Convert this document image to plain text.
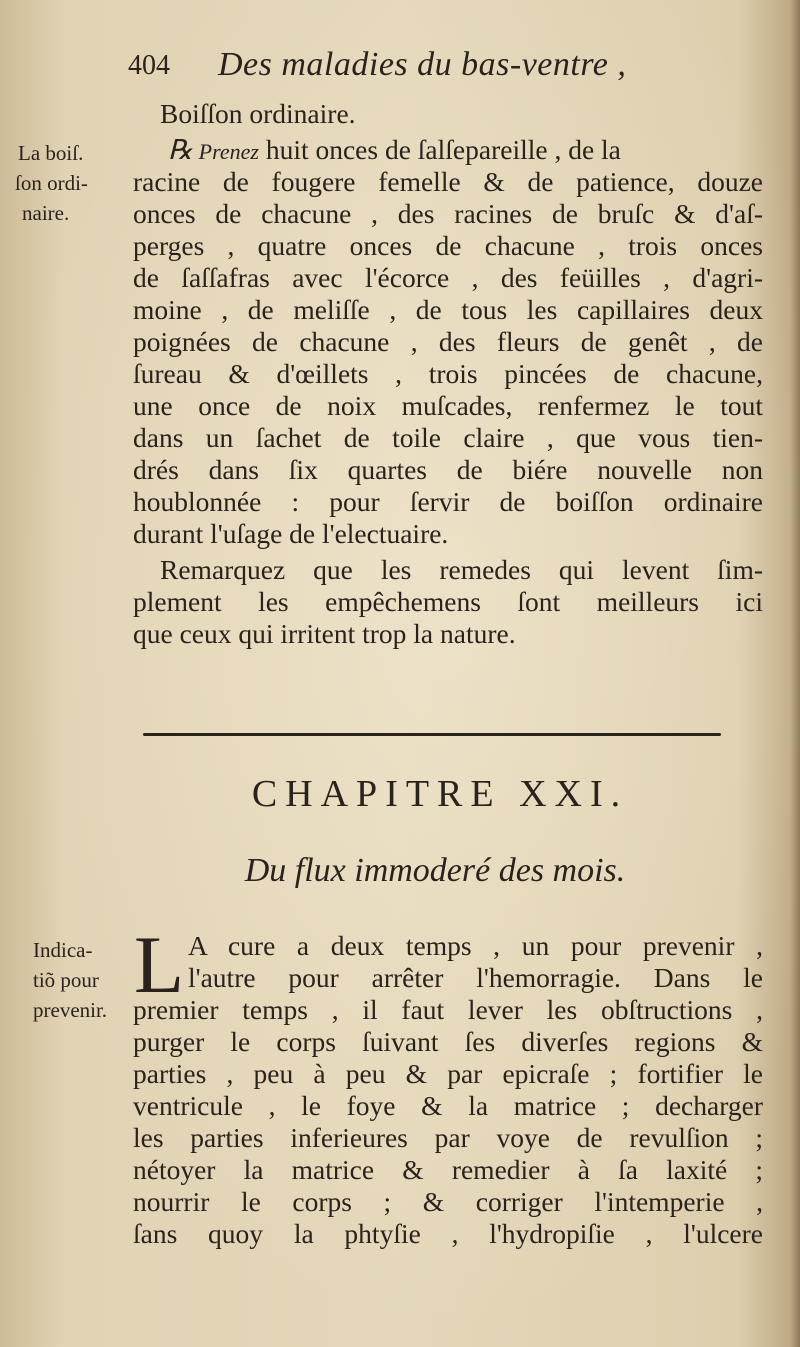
404 Des maladies du bas-ventre ,
Boiſſon ordinaire.
La boiſ.
ſon ordi-
naire.
℞ Prenez huit onces de ſalſepareille , de la
racine de fougere femelle & de patience, douze
onces de chacune , des racines de bruſc & d'aſ-
perges , quatre onces de chacune , trois onces
de ſaſſafras avec l'écorce , des feüilles , d'agri-
moine , de meliſſe , de tous les capillaires deux
poignées de chacune , des fleurs de genêt , de
ſureau & d'œillets , trois pincées de chacune,
une once de noix muſcades, renfermez le tout
dans un ſachet de toile claire , que vous tien-
drés dans ſix quartes de biére nouvelle non
houblonnée : pour ſervir de boiſſon ordinaire
durant l'uſage de l'electuaire.
Remarquez que les remedes qui levent ſim-
plement les empêchemens ſont meilleurs ici
que ceux qui irritent trop la nature.
CHAPITRE XXI.
Du flux immoderé des mois.
Indica-
tiõ pour
prevenir. L A cure a deux temps , un pour prevenir ,
l'autre pour arrêter l'hemorragie. Dans le
premier temps , il faut lever les obſtructions ,
purger le corps ſuivant ſes diverſes regions &
parties , peu à peu & par epicraſe ; fortifier le
ventricule , le foye & la matrice ; decharger
les parties inferieures par voye de revulſion ;
nétoyer la matrice & remedier à ſa laxité ;
nourrir le corps ; & corriger l'intemperie ,
ſans quoy la phtyſie , l'hydropiſie , l'ulcere
